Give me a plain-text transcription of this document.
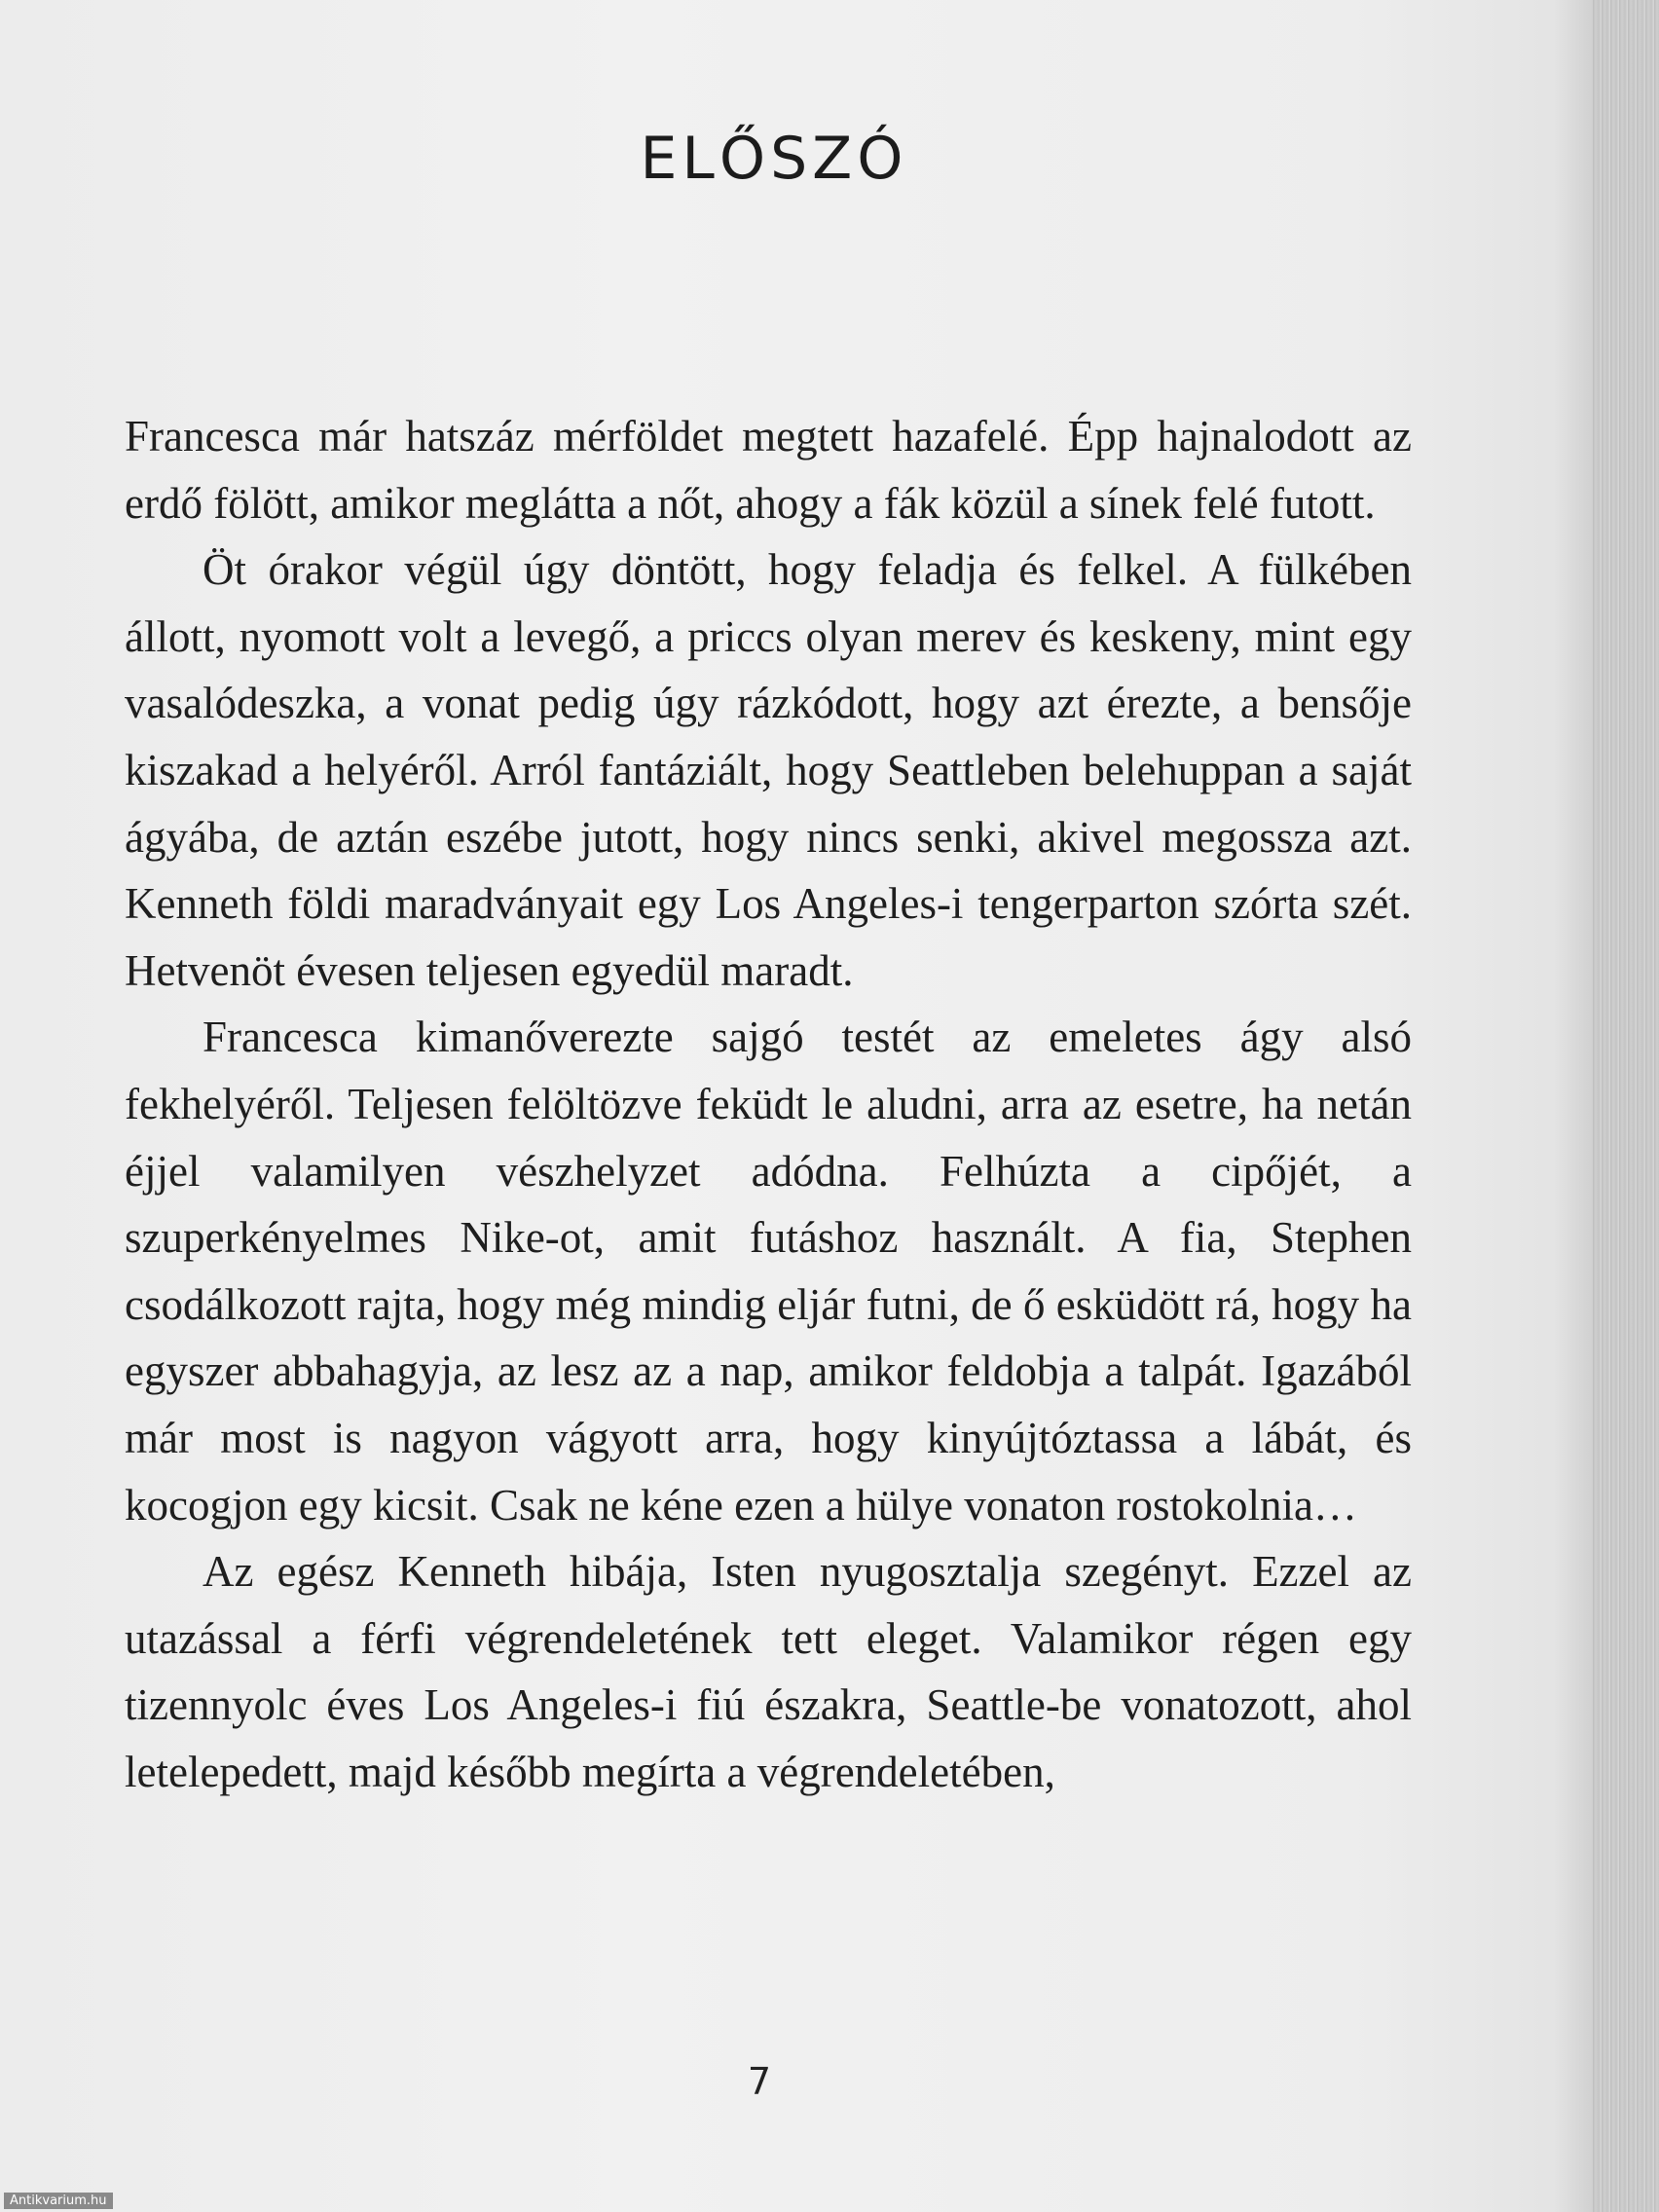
ELŐSZÓ

Francesca már hatszáz mérföldet megtett hazafelé. Épp hajnalodott az erdő fölött, amikor meglátta a nőt, ahogy a fák közül a sínek felé futott.

Öt órakor végül úgy döntött, hogy feladja és felkel. A fülkében állott, nyomott volt a levegő, a priccs olyan merev és keskeny, mint egy vasalódeszka, a vonat pedig úgy rázkódott, hogy azt érezte, a bensője kiszakad a helyéről. Arról fantáziált, hogy Seattleben belehuppan a saját ágyába, de aztán eszébe jutott, hogy nincs senki, akivel megossza azt. Kenneth földi maradványait egy Los Angeles-i tengerparton szórta szét. Hetvenöt évesen teljesen egyedül maradt.

Francesca kimanőverezte sajgó testét az emeletes ágy alsó fekhelyéről. Teljesen felöltözve feküdt le aludni, arra az esetre, ha netán éjjel valamilyen vészhelyzet adódna. Felhúzta a cipőjét, a szuperkényelmes Nike-ot, amit futáshoz használt. A fia, Stephen csodálkozott rajta, hogy még mindig eljár futni, de ő esküdött rá, hogy ha egyszer abbahagyja, az lesz az a nap, amikor feldobja a talpát. Igazából már most is nagyon vágyott arra, hogy kinyújtóztassa a lábát, és kocogjon egy kicsit. Csak ne kéne ezen a hülye vonaton rostokolnia…

Az egész Kenneth hibája, Isten nyugosztalja szegényt. Ezzel az utazással a férfi végrendeletének tett eleget. Valamikor régen egy tizennyolc éves Los Angeles-i fiú északra, Seattle-be vonatozott, ahol letelepedett, majd később megírta a végrendeletében,

7
Antikvarium.hu
